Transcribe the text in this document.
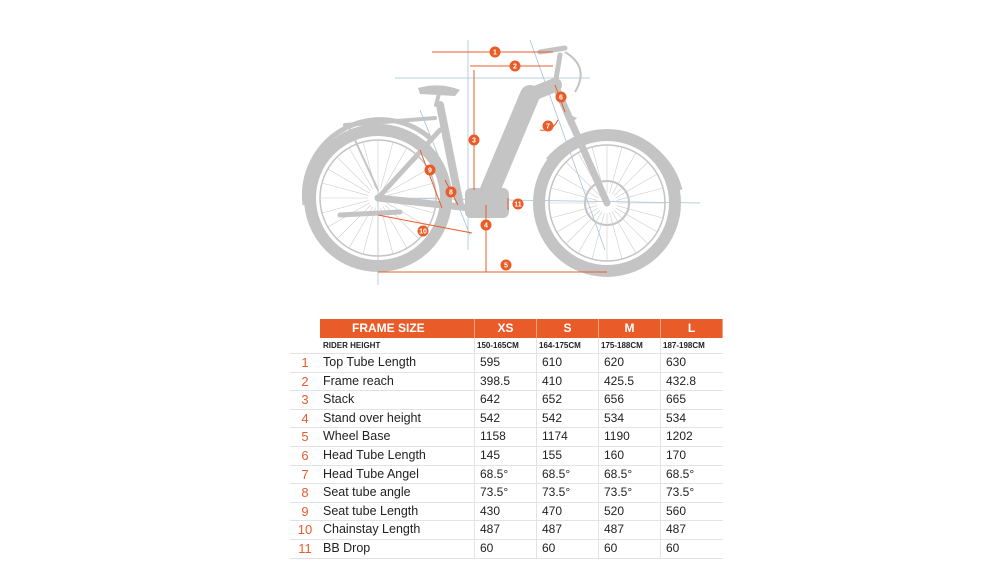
1
2
3
4
5
6
7
8
9
10
11
	FRAME SIZE	XS	S	M	L
	RIDER HEIGHT	150-165CM	164-175CM	175-188CM	187-198CM
1	Top Tube Length	595	610	620	630
2	Frame reach	398.5	410	425.5	432.8
3	Stack	642	652	656	665
4	Stand over height	542	542	534	534
5	Wheel Base	1158	1174	1190	1202
6	Head Tube Length	145	155	160	170
7	Head Tube Angel	68.5°	68.5°	68.5°	68.5°
8	Seat tube angle	73.5°	73.5°	73.5°	73.5°
9	Seat tube Length	430	470	520	560
10	Chainstay Length	487	487	487	487
11	BB Drop	60	60	60	60
